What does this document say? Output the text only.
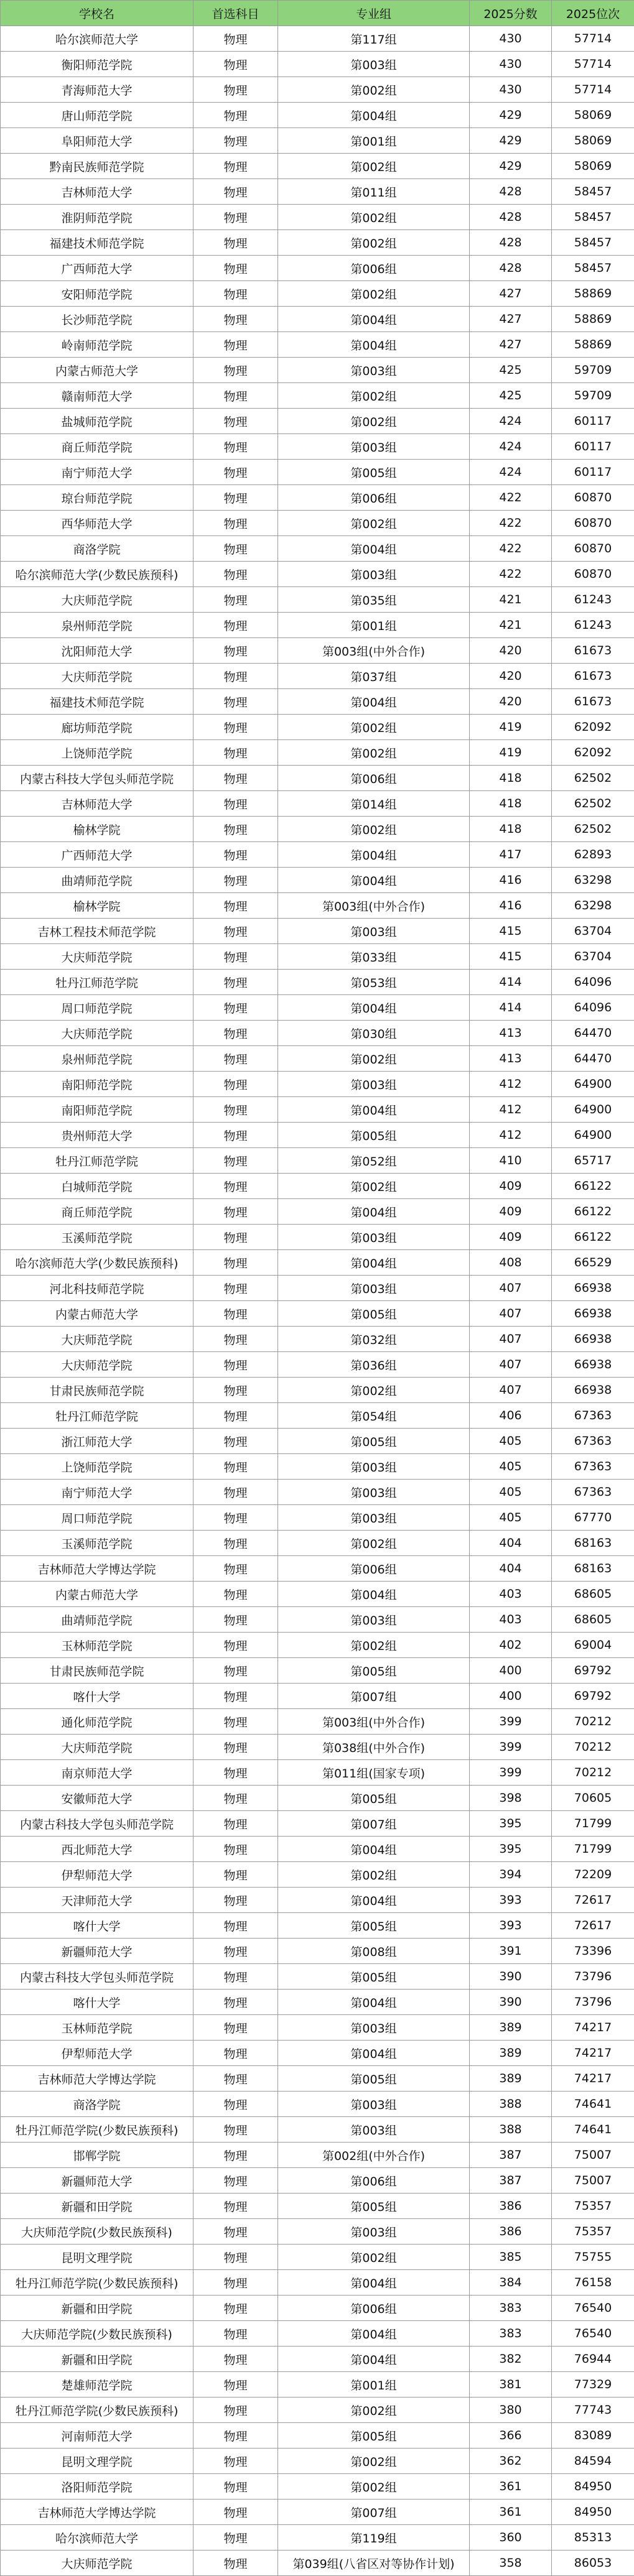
学校名	首选科目	专业组	2025分数	2025位次
哈尔滨师范大学	物理	第117组	430	57714
衡阳师范学院	物理	第003组	430	57714
青海师范大学	物理	第002组	430	57714
唐山师范学院	物理	第004组	429	58069
阜阳师范大学	物理	第001组	429	58069
黔南民族师范学院	物理	第002组	429	58069
吉林师范大学	物理	第011组	428	58457
淮阴师范学院	物理	第002组	428	58457
福建技术师范学院	物理	第002组	428	58457
广西师范大学	物理	第006组	428	58457
安阳师范学院	物理	第002组	427	58869
长沙师范学院	物理	第004组	427	58869
岭南师范学院	物理	第004组	427	58869
内蒙古师范大学	物理	第003组	425	59709
赣南师范大学	物理	第002组	425	59709
盐城师范学院	物理	第002组	424	60117
商丘师范学院	物理	第003组	424	60117
南宁师范大学	物理	第005组	424	60117
琼台师范学院	物理	第006组	422	60870
西华师范大学	物理	第002组	422	60870
商洛学院	物理	第004组	422	60870
哈尔滨师范大学(少数民族预科)	物理	第003组	422	60870
大庆师范学院	物理	第035组	421	61243
泉州师范学院	物理	第001组	421	61243
沈阳师范大学	物理	第003组(中外合作)	420	61673
大庆师范学院	物理	第037组	420	61673
福建技术师范学院	物理	第004组	420	61673
廊坊师范学院	物理	第002组	419	62092
上饶师范学院	物理	第002组	419	62092
内蒙古科技大学包头师范学院	物理	第006组	418	62502
吉林师范大学	物理	第014组	418	62502
榆林学院	物理	第002组	418	62502
广西师范大学	物理	第004组	417	62893
曲靖师范学院	物理	第004组	416	63298
榆林学院	物理	第003组(中外合作)	416	63298
吉林工程技术师范学院	物理	第003组	415	63704
大庆师范学院	物理	第033组	415	63704
牡丹江师范学院	物理	第053组	414	64096
周口师范学院	物理	第004组	414	64096
大庆师范学院	物理	第030组	413	64470
泉州师范学院	物理	第002组	413	64470
南阳师范学院	物理	第003组	412	64900
南阳师范学院	物理	第004组	412	64900
贵州师范大学	物理	第005组	412	64900
牡丹江师范学院	物理	第052组	410	65717
白城师范学院	物理	第002组	409	66122
商丘师范学院	物理	第004组	409	66122
玉溪师范学院	物理	第003组	409	66122
哈尔滨师范大学(少数民族预科)	物理	第004组	408	66529
河北科技师范学院	物理	第003组	407	66938
内蒙古师范大学	物理	第005组	407	66938
大庆师范学院	物理	第032组	407	66938
大庆师范学院	物理	第036组	407	66938
甘肃民族师范学院	物理	第002组	407	66938
牡丹江师范学院	物理	第054组	406	67363
浙江师范大学	物理	第005组	405	67363
上饶师范学院	物理	第003组	405	67363
南宁师范大学	物理	第003组	405	67363
周口师范学院	物理	第003组	405	67770
玉溪师范学院	物理	第002组	404	68163
吉林师范大学博达学院	物理	第006组	404	68163
内蒙古师范大学	物理	第004组	403	68605
曲靖师范学院	物理	第003组	403	68605
玉林师范学院	物理	第002组	402	69004
甘肃民族师范学院	物理	第005组	400	69792
喀什大学	物理	第007组	400	69792
通化师范学院	物理	第003组(中外合作)	399	70212
大庆师范学院	物理	第038组(中外合作)	399	70212
南京师范大学	物理	第011组(国家专项)	399	70212
安徽师范大学	物理	第005组	398	70605
内蒙古科技大学包头师范学院	物理	第007组	395	71799
西北师范大学	物理	第004组	395	71799
伊犁师范大学	物理	第002组	394	72209
天津师范大学	物理	第004组	393	72617
喀什大学	物理	第005组	393	72617
新疆师范大学	物理	第008组	391	73396
内蒙古科技大学包头师范学院	物理	第005组	390	73796
喀什大学	物理	第004组	390	73796
玉林师范学院	物理	第003组	389	74217
伊犁师范大学	物理	第004组	389	74217
吉林师范大学博达学院	物理	第005组	389	74217
商洛学院	物理	第003组	388	74641
牡丹江师范学院(少数民族预科)	物理	第003组	388	74641
邯郸学院	物理	第002组(中外合作)	387	75007
新疆师范大学	物理	第006组	387	75007
新疆和田学院	物理	第005组	386	75357
大庆师范学院(少数民族预科)	物理	第003组	386	75357
昆明文理学院	物理	第002组	385	75755
牡丹江师范学院(少数民族预科)	物理	第004组	384	76158
新疆和田学院	物理	第006组	383	76540
大庆师范学院(少数民族预科)	物理	第004组	383	76540
新疆和田学院	物理	第004组	382	76944
楚雄师范学院	物理	第001组	381	77329
牡丹江师范学院(少数民族预科)	物理	第002组	380	77743
河南师范大学	物理	第005组	366	83089
昆明文理学院	物理	第002组	362	84594
洛阳师范学院	物理	第002组	361	84950
吉林师范大学博达学院	物理	第007组	361	84950
哈尔滨师范大学	物理	第119组	360	85313
大庆师范学院	物理	第039组(八省区对等协作计划)	358	86053
